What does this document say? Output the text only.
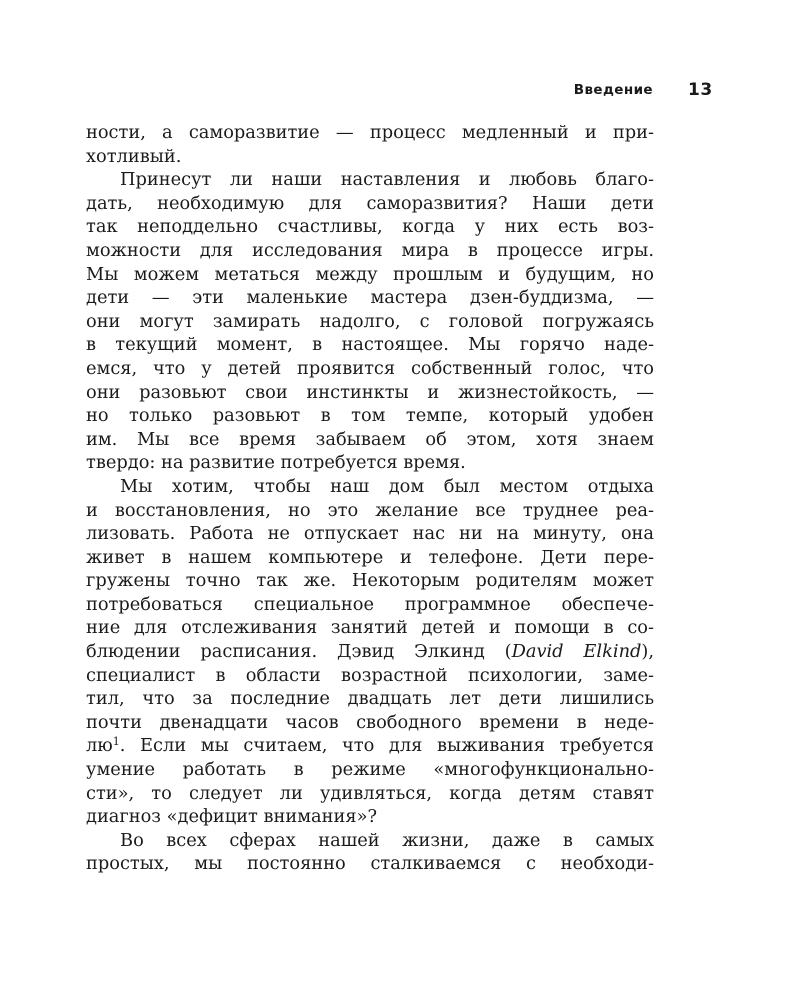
Введение 13
ности, а саморазвитие — процесс медленный и при-
хотливый.
Принесут ли наши наставления и любовь благо-
дать, необходимую для саморазвития? Наши дети
так неподдельно счастливы, когда у них есть воз-
можности для исследования мира в процессе игры.
Мы можем метаться между прошлым и будущим, но
дети — эти маленькие мастера дзен-буддизма, —
они могут замирать надолго, с головой погружаясь
в текущий момент, в настоящее. Мы горячо наде-
емся, что у детей проявится собственный голос, что
они разовьют свои инстинкты и жизнестойкость, —
но только разовьют в том темпе, который удобен
им. Мы все время забываем об этом, хотя знаем
твердо: на развитие потребуется время.
Мы хотим, чтобы наш дом был местом отдыха
и восстановления, но это желание все труднее реа-
лизовать. Работа не отпускает нас ни на минуту, она
живет в нашем компьютере и телефоне. Дети пере-
гружены точно так же. Некоторым родителям может
потребоваться специальное программное обеспече-
ние для отслеживания занятий детей и помощи в со-
блюдении расписания. Дэвид Элкинд (David Elkind),
специалист в области возрастной психологии, заме-
тил, что за последние двадцать лет дети лишились
почти двенадцати часов свободного времени в неде-
$лю^1$. Если мы считаем, что для выживания требуется
умение работать в режиме «многофункционально-
сти», то следует ли удивляться, когда детям ставят
диагноз «дефицит внимания»?
Во всех сферах нашей жизни, даже в самых
простых, мы постоянно сталкиваемся с необходи-
